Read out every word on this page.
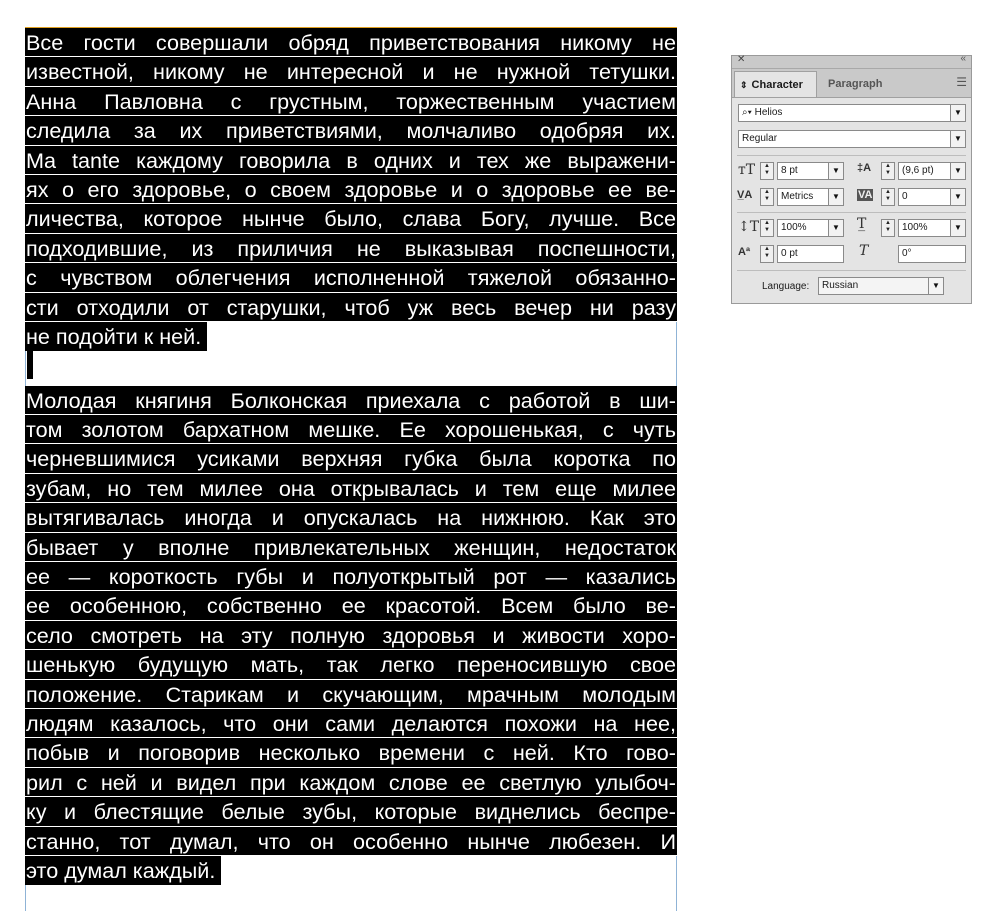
Все гости совершали обряд приветствования никому не
известной, никому не интересной и не нужной тетушки.
Анна Павловна с грустным, торжественным участием
следила за их приветствиями, молчаливо одобряя их.
Ma tante каждому говорила в одних и тех же выражени-
ях о его здоровье, о своем здоровье и о здоровье ее ве-
личества, которое нынче было, слава Богу, лучше. Все
подходившие, из приличия не выказывая поспешности,
с чувством облегчения исполненной тяжелой обязанно-
сти отходили от старушки, чтоб уж весь вечер ни разу
не подойти к ней.
Молодая княгиня Болконская приехала с работой в ши-
том золотом бархатном мешке. Ее хорошенькая, с чуть
черневшимися усиками верхняя губка была коротка по
зубам, но тем милее она открывалась и тем еще милее
вытягивалась иногда и опускалась на нижнюю. Как это
бывает у вполне привлекательных женщин, недостаток
ее — короткость губы и полуоткрытый рот — казались
ее особенною, собственно ее красотой. Всем было ве-
село смотреть на эту полную здоровья и живости хоро-
шенькую будущую мать, так легко переносившую свое
положение. Старикам и скучающим, мрачным молодым
людям казалось, что они сами делаются похожи на нее,
побыв и поговорив несколько времени с ней. Кто гово-
рил с ней и видел при каждом слове ее светлую улыбоч-
ку и блестящие белые зубы, которые виднелись беспре-
станно, тот думал, что он особенно нынче любезен. И
это думал каждый.
✕	«
⇕ Character	Paragraph	☰
⌕▾ Helios	▼
Regular	▼
ᴛT	▲
▼	8 pt	▼	‡A	▲
▼	(9,6 pt)	▼
V̲A	▲
▼	Metrics	▼	VA	▲
▼	0	▼
↕T ▲
▼	100%	▼ T̲	▲
▼	100%	▼
Aª	▲
▼	0 pt	T	0°
Language:	Russian	▼
